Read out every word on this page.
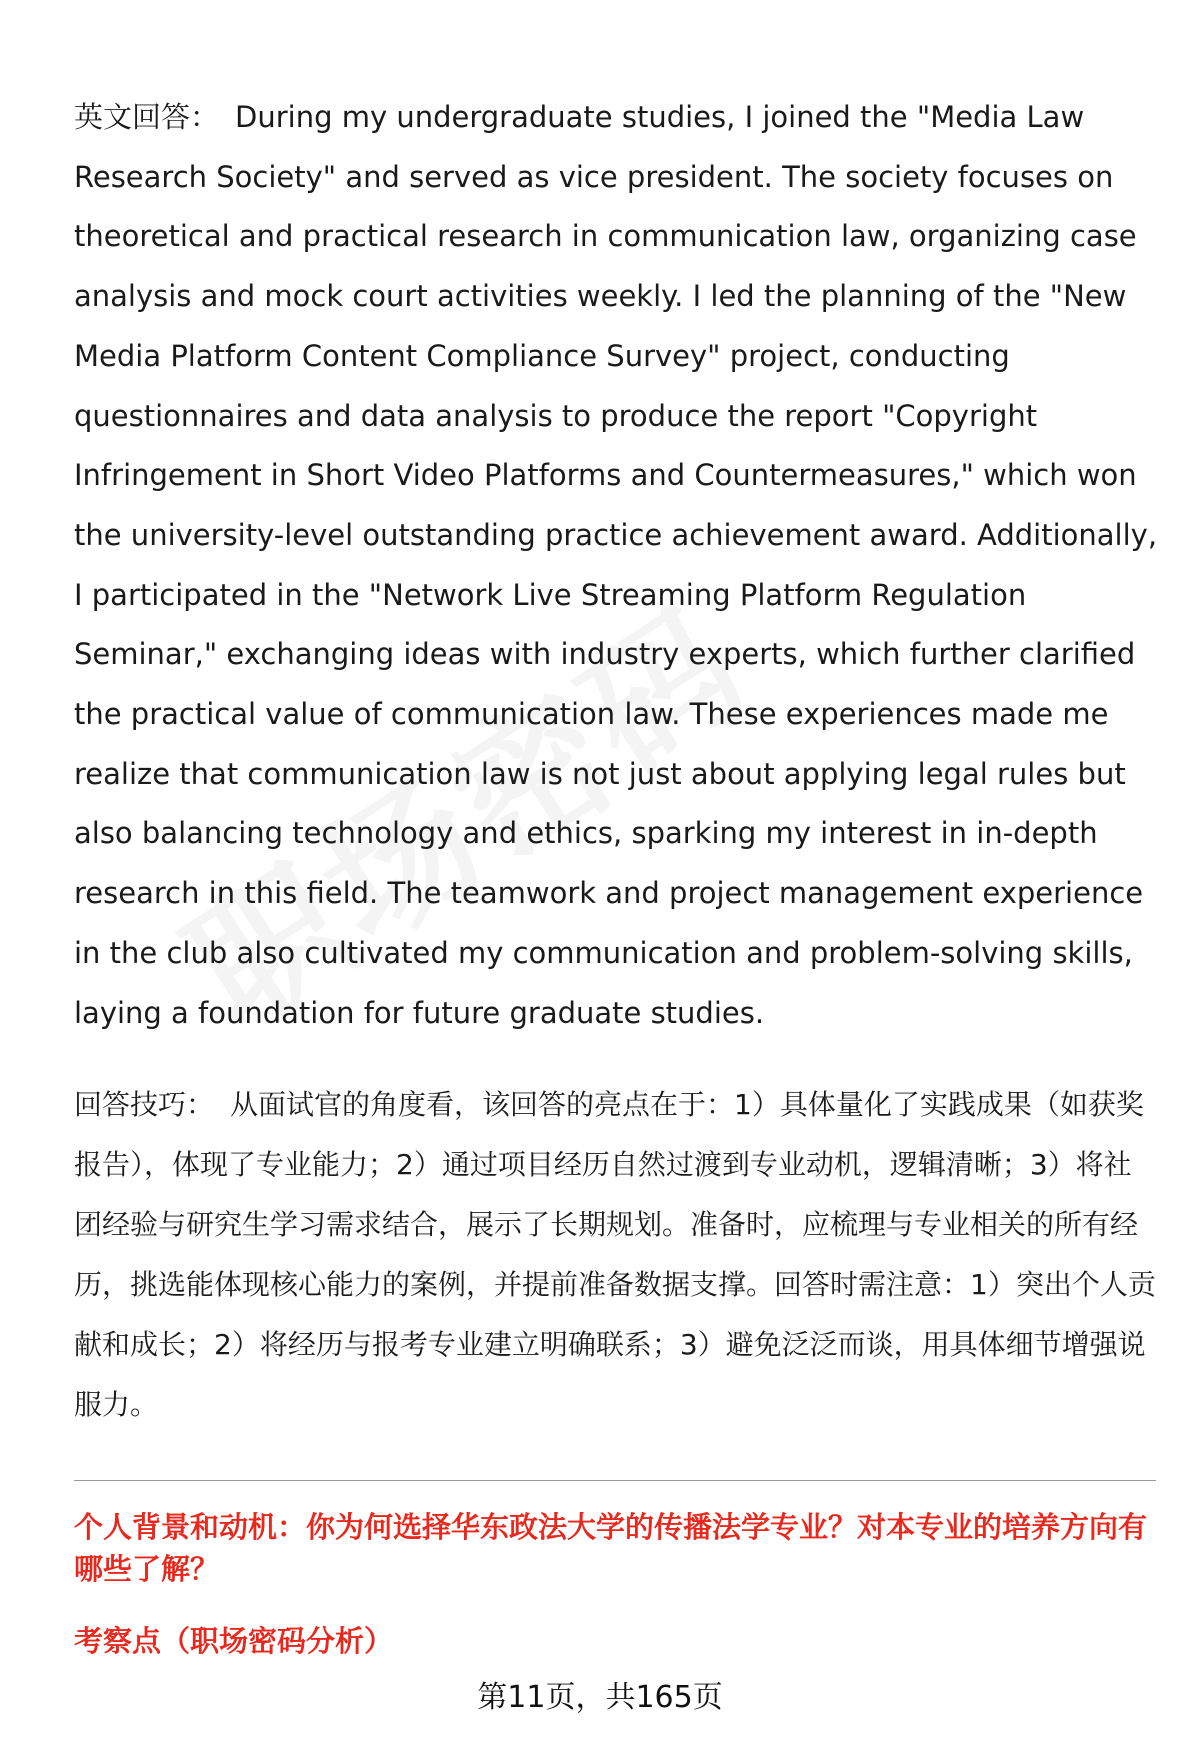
英文回答： During my undergraduate studies, I joined the "Media Law Research Society" and served as vice president. The society focuses on theoretical and practical research in communication law, organizing case analysis and mock court activities weekly. I led the planning of the "New Media Platform Content Compliance Survey" project, conducting questionnaires and data analysis to produce the report "Copyright Infringement in Short Video Platforms and Countermeasures," which won the university-level outstanding practice achievement award. Additionally, I participated in the "Network Live Streaming Platform Regulation Seminar," exchanging ideas with industry experts, which further clarified the practical value of communication law. These experiences made me realize that communication law is not just about applying legal rules but also balancing technology and ethics, sparking my interest in in-depth research in this field. The teamwork and project management experience in the club also cultivated my communication and problem-solving skills, laying a foundation for future graduate studies.

回答技巧： 从面试官的角度看，该回答的亮点在于：1）具体量化了实践成果（如获奖报告），体现了专业能力；2）通过项目经历自然过渡到专业动机，逻辑清晰；3）将社团经验与研究生学习需求结合，展示了长期规划。准备时，应梳理与专业相关的所有经历，挑选能体现核心能力的案例，并提前准备数据支撑。回答时需注意：1）突出个人贡献和成长；2）将经历与报考专业建立明确联系；3）避免泛泛而谈，用具体细节增强说服力。

个人背景和动机：你为何选择华东政法大学的传播法学专业？对本专业的培养方向有哪些了解？

考察点（职场密码分析）

第11页，共165页
